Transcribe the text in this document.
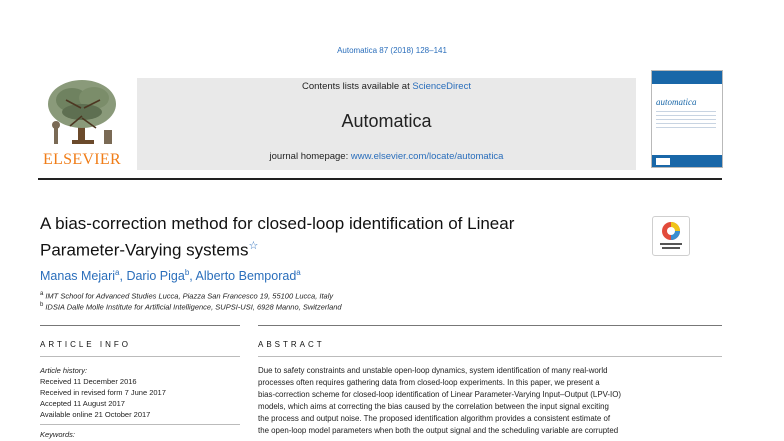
Automatica 87 (2018) 128–141
ELSEVIER
Contents lists available at ScienceDirect
Automatica
journal homepage: www.elsevier.com/locate/automatica
automatica
A bias-correction method for closed-loop identification of Linear
Parameter-Varying systems☆
Manas Mejari$^a$, Dario Piga$^b$, Alberto Bemporad$^a$
$^a$ IMT School for Advanced Studies Lucca, Piazza San Francesco 19, 55100 Lucca, Italy
$^b$ IDSIA Dalle Molle Institute for Artificial Intelligence, SUPSI-USI, 6928 Manno, Switzerland
ARTICLE INFO	ABSTRACT
Article history:
Received 11 December 2016
Received in revised form 7 June 2017
Accepted 11 August 2017
Available online 21 October 2017
Keywords:
Due to safety constraints and unstable open-loop dynamics, system identification of many real-world
processes often requires gathering data from closed-loop experiments. In this paper, we present a
bias-correction scheme for closed-loop identification of Linear Parameter-Varying Input–Output (LPV-IO)
models, which aims at correcting the bias caused by the correlation between the input signal exciting
the process and output noise. The proposed identification algorithm provides a consistent estimate of
the open-loop model parameters when both the output signal and the scheduling variable are corrupted
